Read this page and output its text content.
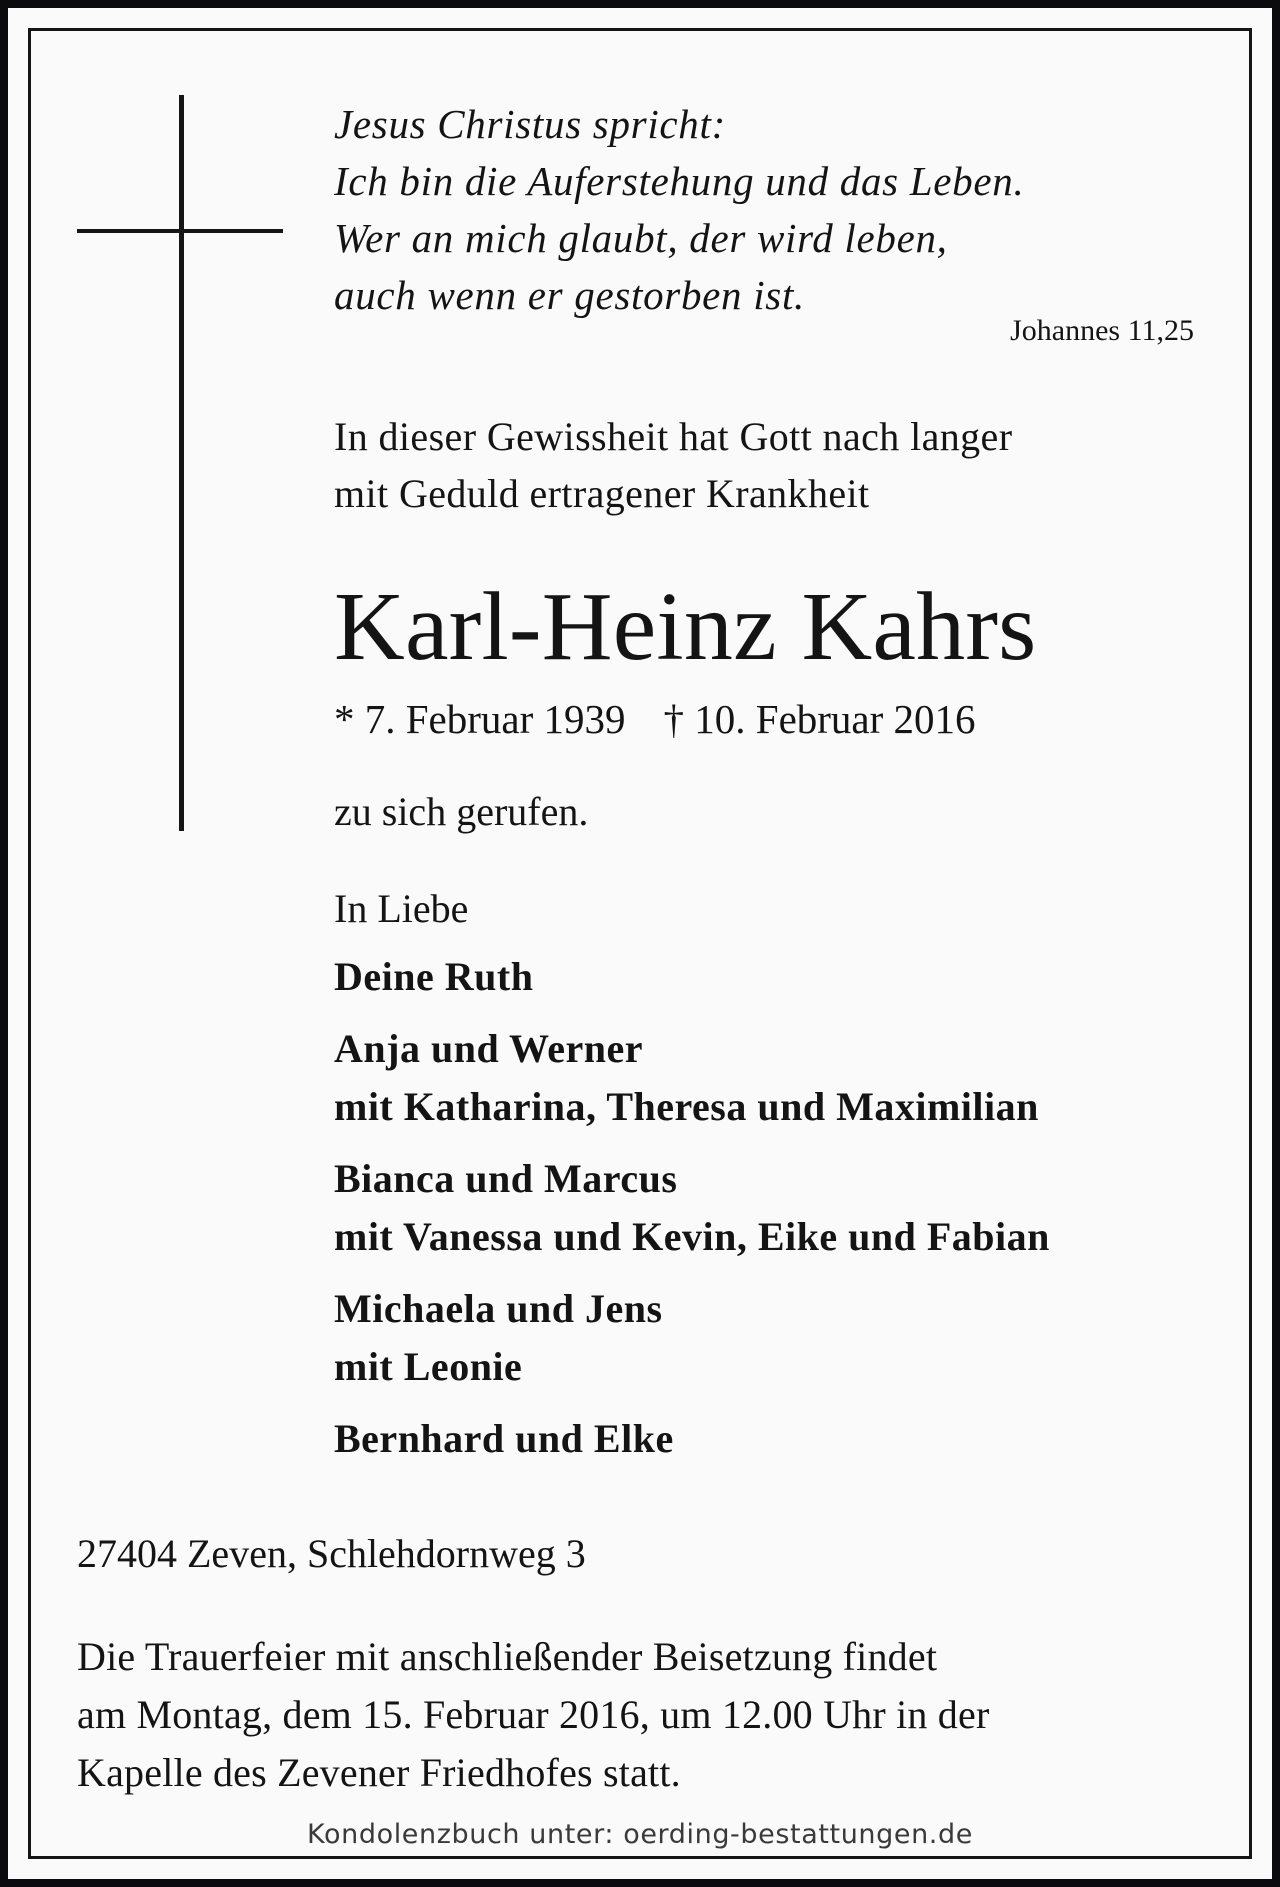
Jesus Christus spricht:
Ich bin die Auferstehung und das Leben.
Wer an mich glaubt, der wird leben,
auch wenn er gestorben ist.
Johannes 11,25
In dieser Gewissheit hat Gott nach langer
mit Geduld ertragener Krankheit
Karl-Heinz Kahrs
* 7. Februar 1939 † 10. Februar 2016
zu sich gerufen.
In Liebe
Deine Ruth
Anja und Werner
mit Katharina, Theresa und Maximilian
Bianca und Marcus
mit Vanessa und Kevin, Eike und Fabian
Michaela und Jens
mit Leonie
Bernhard und Elke
27404 Zeven, Schlehdornweg 3
Die Trauerfeier mit anschließender Beisetzung findet
am Montag, dem 15. Februar 2016, um 12.00 Uhr in der
Kapelle des Zevener Friedhofes statt.
Kondolenzbuch unter: oerding-bestattungen.de
